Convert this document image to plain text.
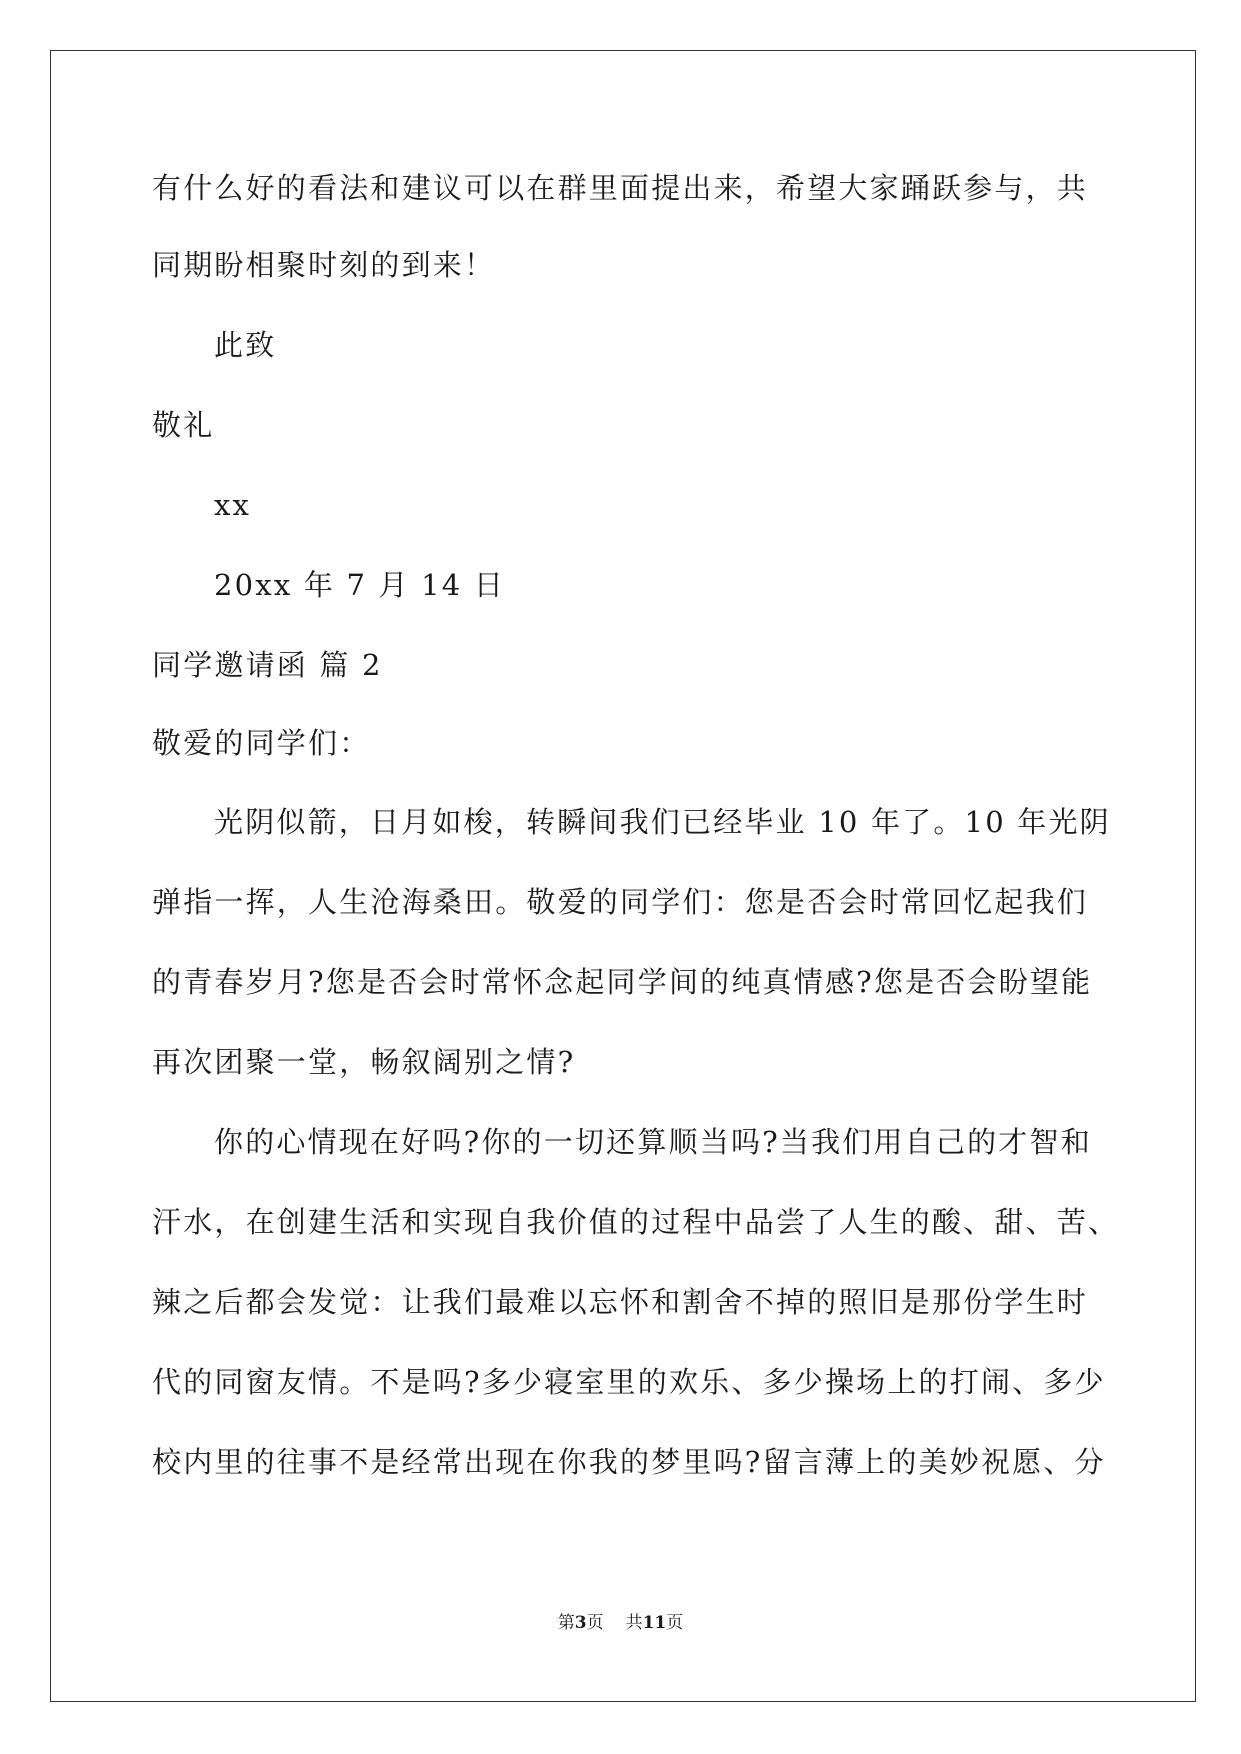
有什么好的看法和建议可以在群里面提出来，希望大家踊跃参与，共
同期盼相聚时刻的到来！
此致
敬礼
xx
20xx 年 7 月 14 日
同学邀请函 篇 2
敬爱的同学们：
光阴似箭，日月如梭，转瞬间我们已经毕业 10 年了。10 年光阴
弹指一挥，人生沧海桑田。敬爱的同学们：您是否会时常回忆起我们
的青春岁月?您是否会时常怀念起同学间的纯真情感?您是否会盼望能
再次团聚一堂，畅叙阔别之情?
你的心情现在好吗?你的一切还算顺当吗?当我们用自己的才智和
汗水，在创建生活和实现自我价值的过程中品尝了人生的酸、甜、苦、
辣之后都会发觉：让我们最难以忘怀和割舍不掉的照旧是那份学生时
代的同窗友情。不是吗?多少寝室里的欢乐、多少操场上的打闹、多少
校内里的往事不是经常出现在你我的梦里吗?留言薄上的美妙祝愿、分
第3页 共11页
